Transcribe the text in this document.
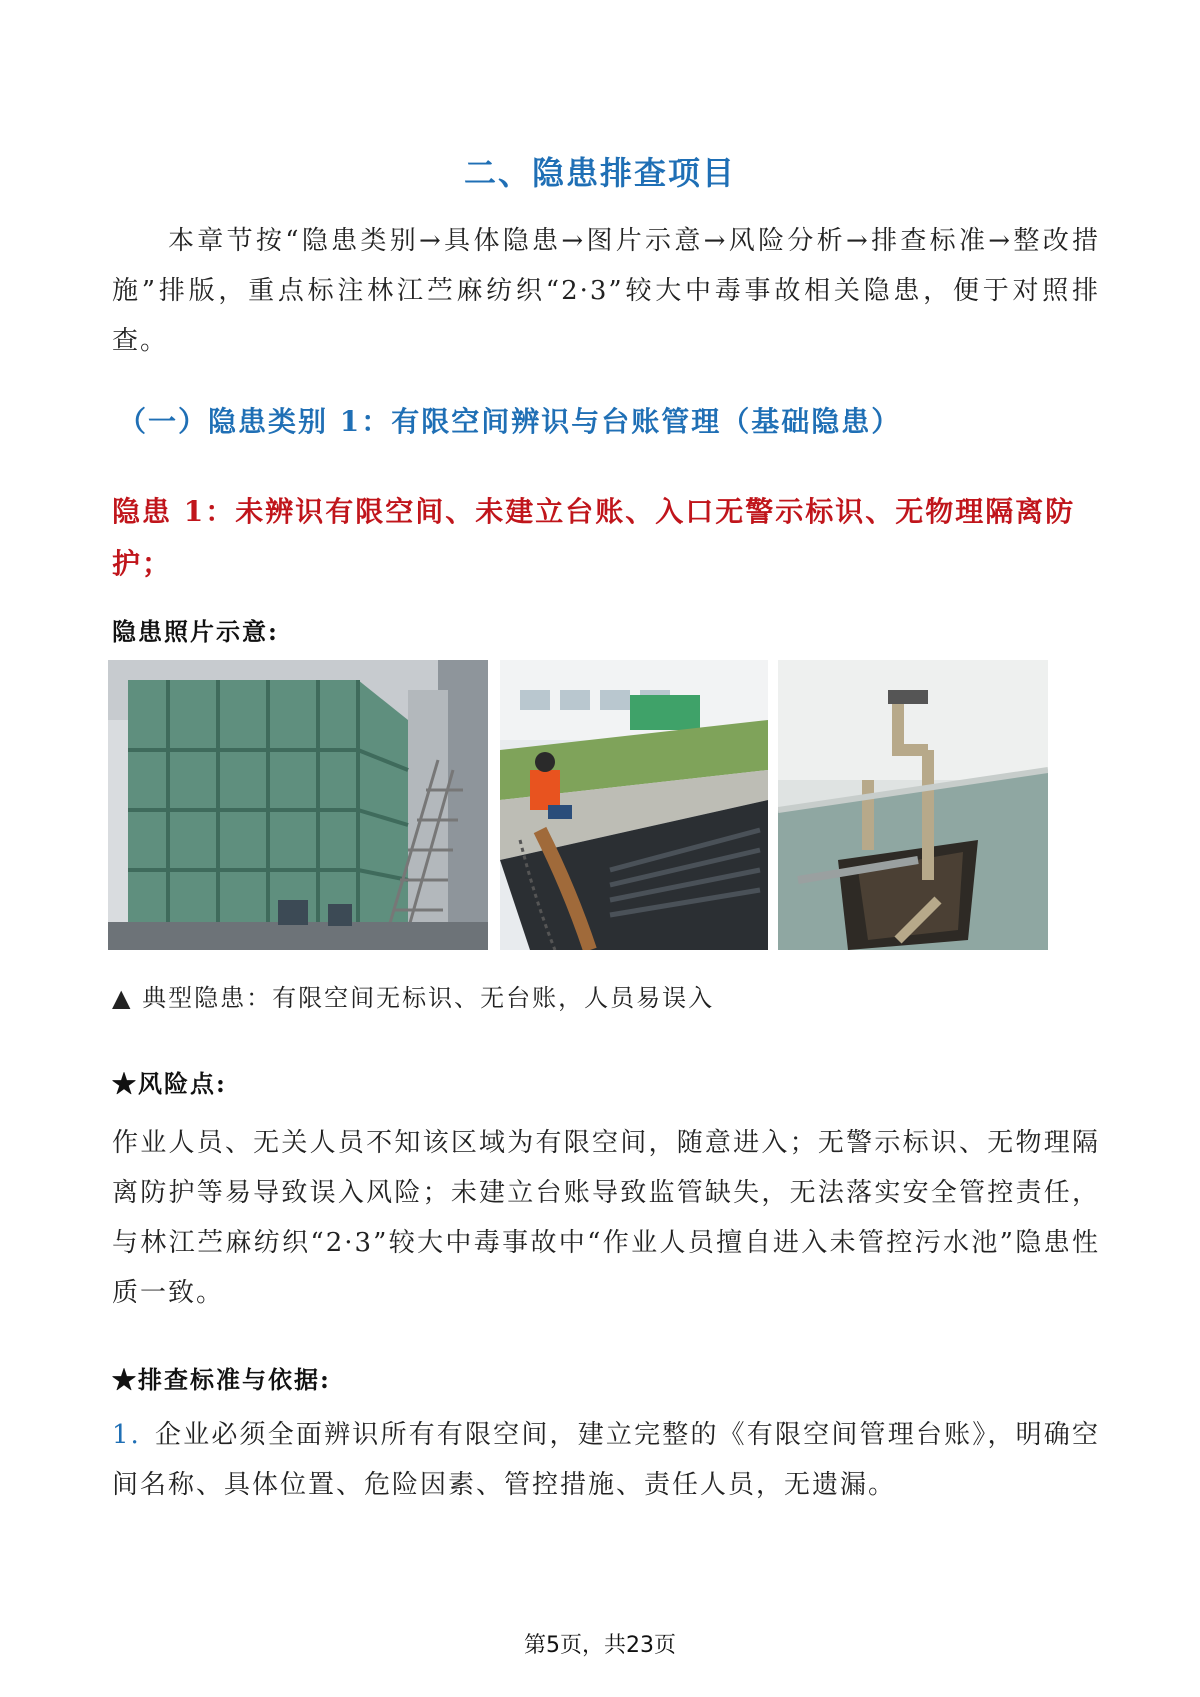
二、隐患排查项目

本章节按“隐患类别→具体隐患→图片示意→风险分析→排查标准→整改措施”排版，重点标注林江苎麻纺织“2·3”较大中毒事故相关隐患，便于对照排查。

（一）隐患类别 1：有限空间辨识与台账管理（基础隐患）

隐患 1：未辨识有限空间、未建立台账、入口无警示标识、无物理隔离防护；

隐患照片示意:
▲ 典型隐患：有限空间无标识、无台账，人员易误入
★风险点:

作业人员、无关人员不知该区域为有限空间，随意进入；无警示标识、无物理隔离防护等易导致误入风险；未建立台账导致监管缺失，无法落实安全管控责任，与林江苎麻纺织“2·3”较大中毒事故中“作业人员擅自进入未管控污水池”隐患性质一致。

★排查标准与依据:

1. 企业必须全面辨识所有有限空间，建立完整的《有限空间管理台账》，明确空间名称、具体位置、危险因素、管控措施、责任人员，无遗漏。

第5页，共23页
